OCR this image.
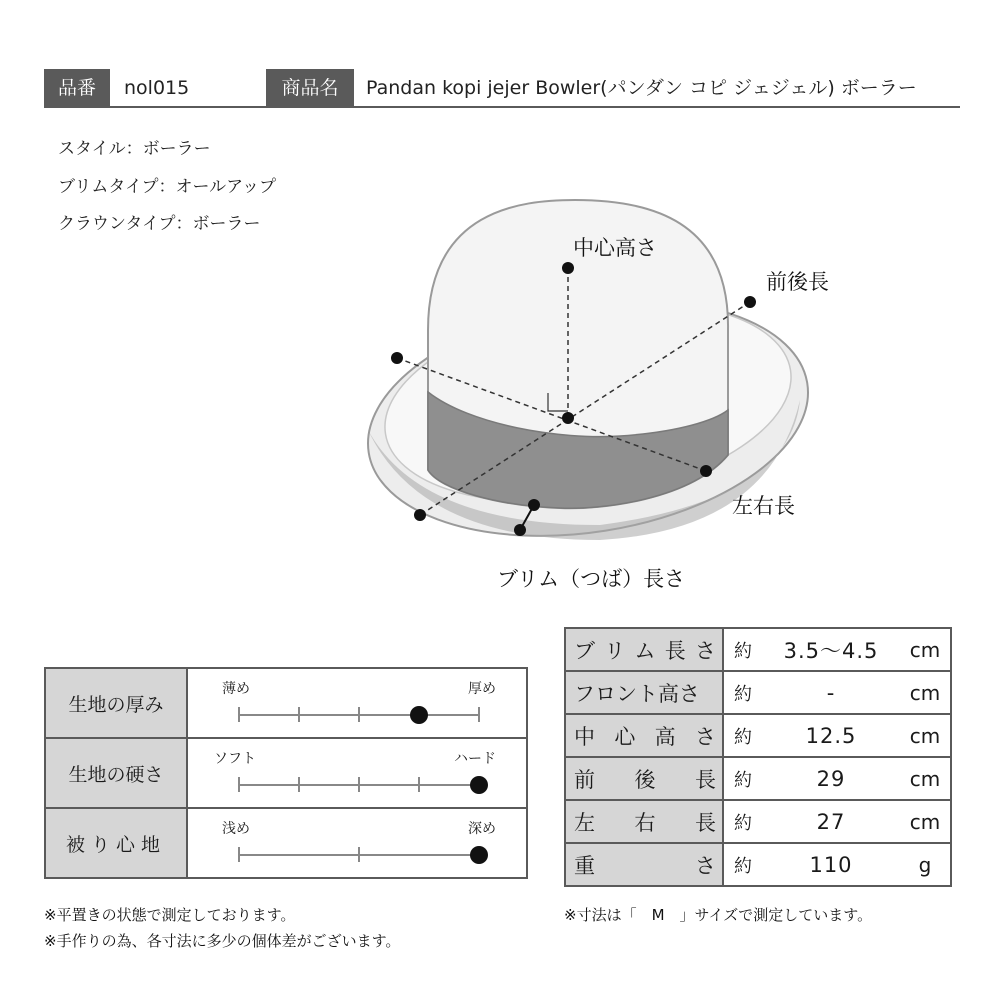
品番	nol015	商品名	Pandan kopi jejer Bowler(パンダン コピ ジェジェル) ボーラー
スタイル：ボーラー
ブリムタイプ：オールアップ
クラウンタイプ：ボーラー
中心高さ
前後長
左右長
ブリム（つば）長さ
生地の厚み	薄め 厚め

生地の硬さ	ソフト ハード

被り心地	浅め 深め
ブ リ ム 長 さ	約	3.5〜4.5	cm

フロント高さ	約	-	cm

中 心 高 さ	約	12.5	cm

前 後 長	約	29	cm

左 右 長	約	27	cm

重 さ	約	110	g
※平置きの状態で測定しております。
※手作りの為、各寸法に多少の個体差がございます。
※寸法は「　M　」サイズで測定しています。
